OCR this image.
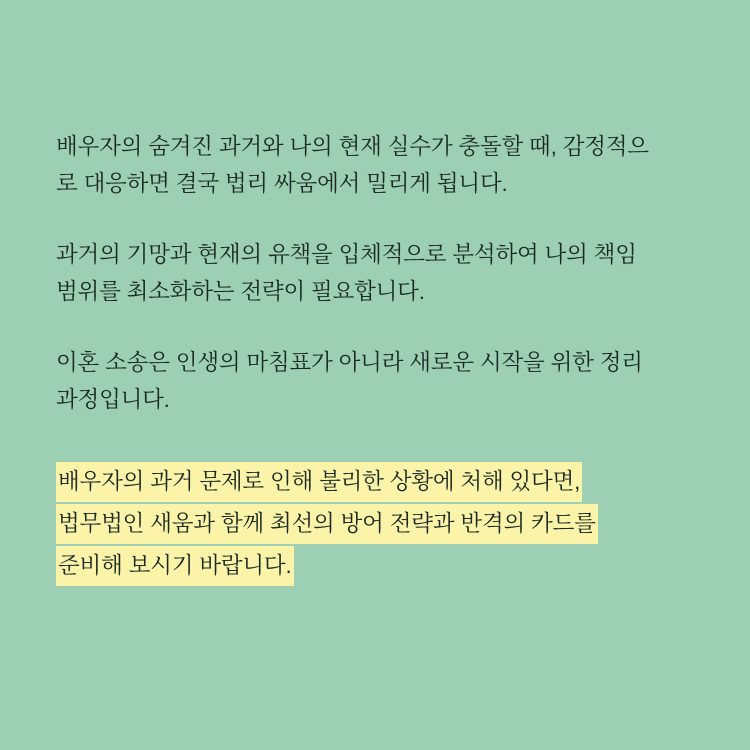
배우자의 숨겨진 과거와 나의 현재 실수가 충돌할 때, 감정적으
로 대응하면 결국 법리 싸움에서 밀리게 됩니다.

과거의 기망과 현재의 유책을 입체적으로 분석하여 나의 책임
범위를 최소화하는 전략이 필요합니다.

이혼 소송은 인생의 마침표가 아니라 새로운 시작을 위한 정리
과정입니다.

배우자의 과거 문제로 인해 불리한 상황에 처해 있다면,
법무법인 새움과 함께 최선의 방어 전략과 반격의 카드를
준비해 보시기 바랍니다.
